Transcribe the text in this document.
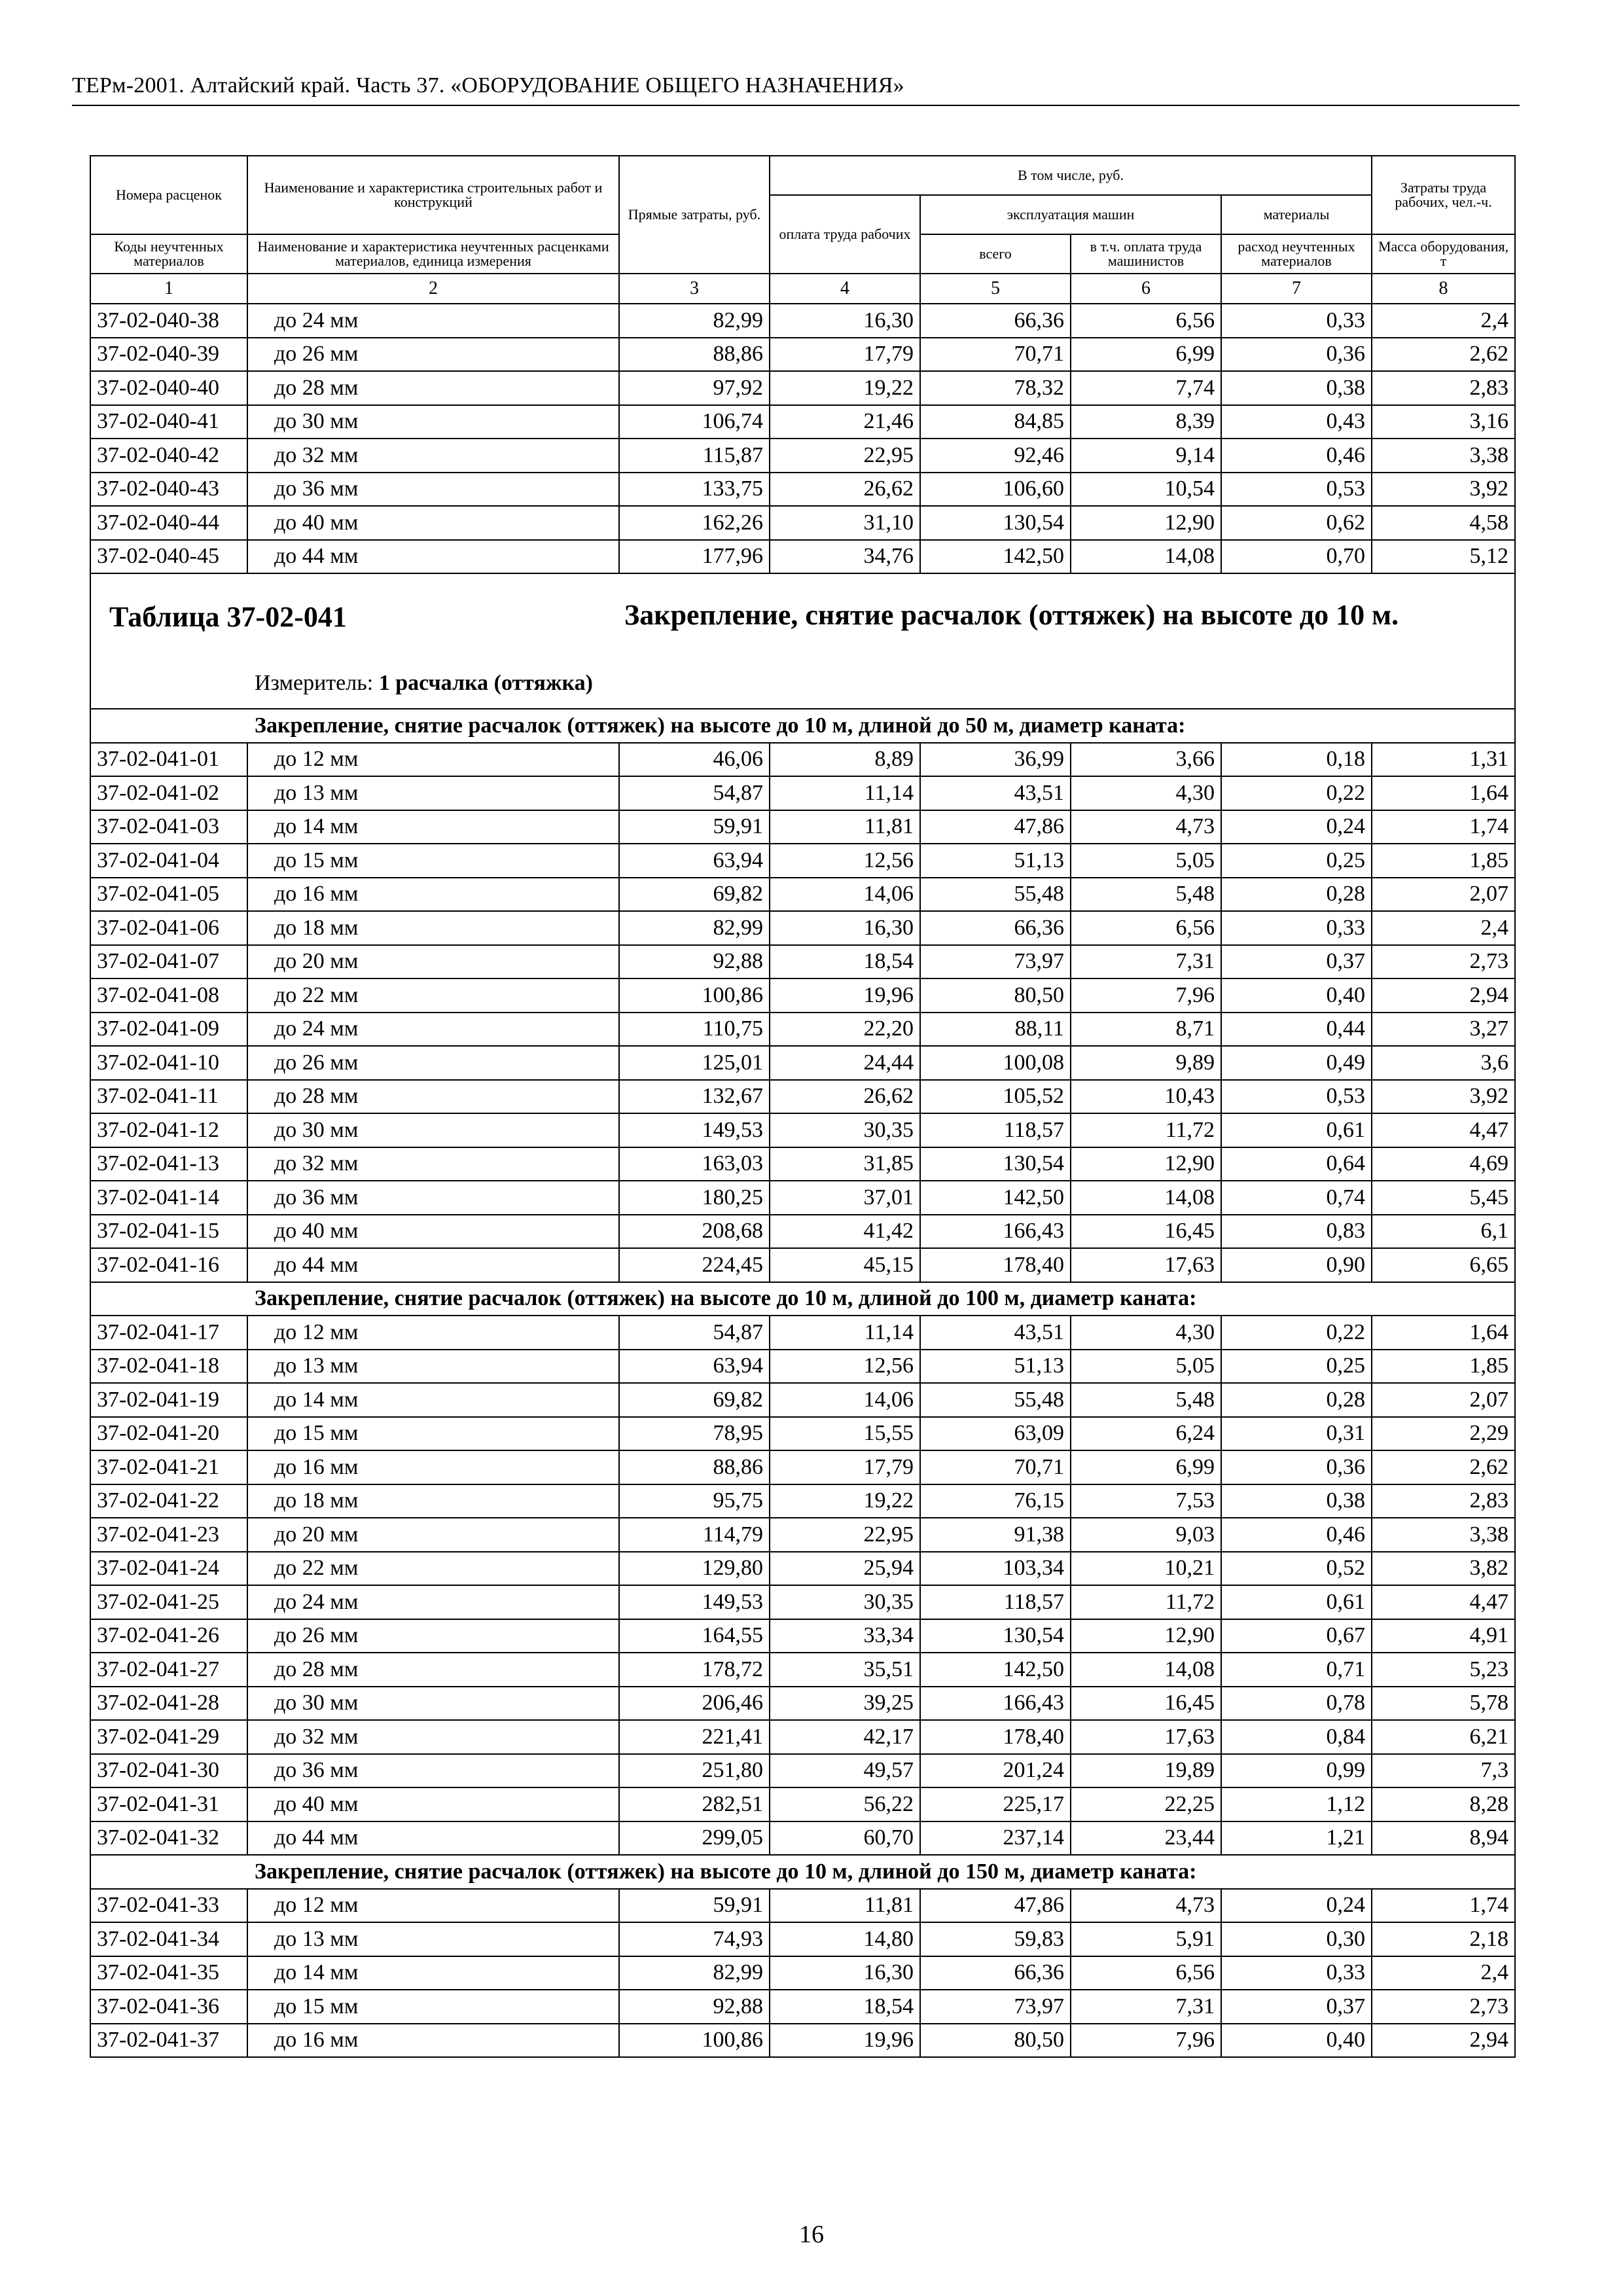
ТЕРм-2001. Алтайский край. Часть 37. «ОБОРУДОВАНИЕ ОБЩЕГО НАЗНАЧЕНИЯ»
Номера расценок	Наименование и характеристика строительных работ и конструкций	Прямые затраты, руб.	В том числе, руб.				Затраты труда рабочих, чел.-ч.
			оплата труда рабочих	эксплуатация машин		материалы	
Коды неучтенных материалов	Наименование и характеристика неучтенных расценками материалов, единица измерения			всего	в т.ч. оплата труда машинистов	расход неучтенных материалов	Масса оборудования, т
1	2	3	4	5	6	7	8
37-02-040-38	до 24 мм	82,99	16,30	66,36	6,56	0,33	2,4
37-02-040-39	до 26 мм	88,86	17,79	70,71	6,99	0,36	2,62
37-02-040-40	до 28 мм	97,92	19,22	78,32	7,74	0,38	2,83
37-02-040-41	до 30 мм	106,74	21,46	84,85	8,39	0,43	3,16
37-02-040-42	до 32 мм	115,87	22,95	92,46	9,14	0,46	3,38
37-02-040-43	до 36 мм	133,75	26,62	106,60	10,54	0,53	3,92
37-02-040-44	до 40 мм	162,26	31,10	130,54	12,90	0,62	4,58
37-02-040-45	до 44 мм	177,96	34,76	142,50	14,08	0,70	5,12

Таблица 37-02-041 Закрепление, снятие расчалок (оттяжек) на высоте до 10 м.
Измеритель: 1 расчалка (оттяжка)							

Закрепление, снятие расчалок (оттяжек) на высоте до 10 м, длиной до 50 м, диаметр каната:							
37-02-041-01	до 12 мм	46,06	8,89	36,99	3,66	0,18	1,31
37-02-041-02	до 13 мм	54,87	11,14	43,51	4,30	0,22	1,64
37-02-041-03	до 14 мм	59,91	11,81	47,86	4,73	0,24	1,74
37-02-041-04	до 15 мм	63,94	12,56	51,13	5,05	0,25	1,85
37-02-041-05	до 16 мм	69,82	14,06	55,48	5,48	0,28	2,07
37-02-041-06	до 18 мм	82,99	16,30	66,36	6,56	0,33	2,4
37-02-041-07	до 20 мм	92,88	18,54	73,97	7,31	0,37	2,73
37-02-041-08	до 22 мм	100,86	19,96	80,50	7,96	0,40	2,94
37-02-041-09	до 24 мм	110,75	22,20	88,11	8,71	0,44	3,27
37-02-041-10	до 26 мм	125,01	24,44	100,08	9,89	0,49	3,6
37-02-041-11	до 28 мм	132,67	26,62	105,52	10,43	0,53	3,92
37-02-041-12	до 30 мм	149,53	30,35	118,57	11,72	0,61	4,47
37-02-041-13	до 32 мм	163,03	31,85	130,54	12,90	0,64	4,69
37-02-041-14	до 36 мм	180,25	37,01	142,50	14,08	0,74	5,45
37-02-041-15	до 40 мм	208,68	41,42	166,43	16,45	0,83	6,1
37-02-041-16	до 44 мм	224,45	45,15	178,40	17,63	0,90	6,65
Закрепление, снятие расчалок (оттяжек) на высоте до 10 м, длиной до 100 м, диаметр каната:							
37-02-041-17	до 12 мм	54,87	11,14	43,51	4,30	0,22	1,64
37-02-041-18	до 13 мм	63,94	12,56	51,13	5,05	0,25	1,85
37-02-041-19	до 14 мм	69,82	14,06	55,48	5,48	0,28	2,07
37-02-041-20	до 15 мм	78,95	15,55	63,09	6,24	0,31	2,29
37-02-041-21	до 16 мм	88,86	17,79	70,71	6,99	0,36	2,62
37-02-041-22	до 18 мм	95,75	19,22	76,15	7,53	0,38	2,83
37-02-041-23	до 20 мм	114,79	22,95	91,38	9,03	0,46	3,38
37-02-041-24	до 22 мм	129,80	25,94	103,34	10,21	0,52	3,82
37-02-041-25	до 24 мм	149,53	30,35	118,57	11,72	0,61	4,47
37-02-041-26	до 26 мм	164,55	33,34	130,54	12,90	0,67	4,91
37-02-041-27	до 28 мм	178,72	35,51	142,50	14,08	0,71	5,23
37-02-041-28	до 30 мм	206,46	39,25	166,43	16,45	0,78	5,78
37-02-041-29	до 32 мм	221,41	42,17	178,40	17,63	0,84	6,21
37-02-041-30	до 36 мм	251,80	49,57	201,24	19,89	0,99	7,3
37-02-041-31	до 40 мм	282,51	56,22	225,17	22,25	1,12	8,28
37-02-041-32	до 44 мм	299,05	60,70	237,14	23,44	1,21	8,94
Закрепление, снятие расчалок (оттяжек) на высоте до 10 м, длиной до 150 м, диаметр каната:							
37-02-041-33	до 12 мм	59,91	11,81	47,86	4,73	0,24	1,74
37-02-041-34	до 13 мм	74,93	14,80	59,83	5,91	0,30	2,18
37-02-041-35	до 14 мм	82,99	16,30	66,36	6,56	0,33	2,4
37-02-041-36	до 15 мм	92,88	18,54	73,97	7,31	0,37	2,73
37-02-041-37	до 16 мм	100,86	19,96	80,50	7,96	0,40	2,94
16
